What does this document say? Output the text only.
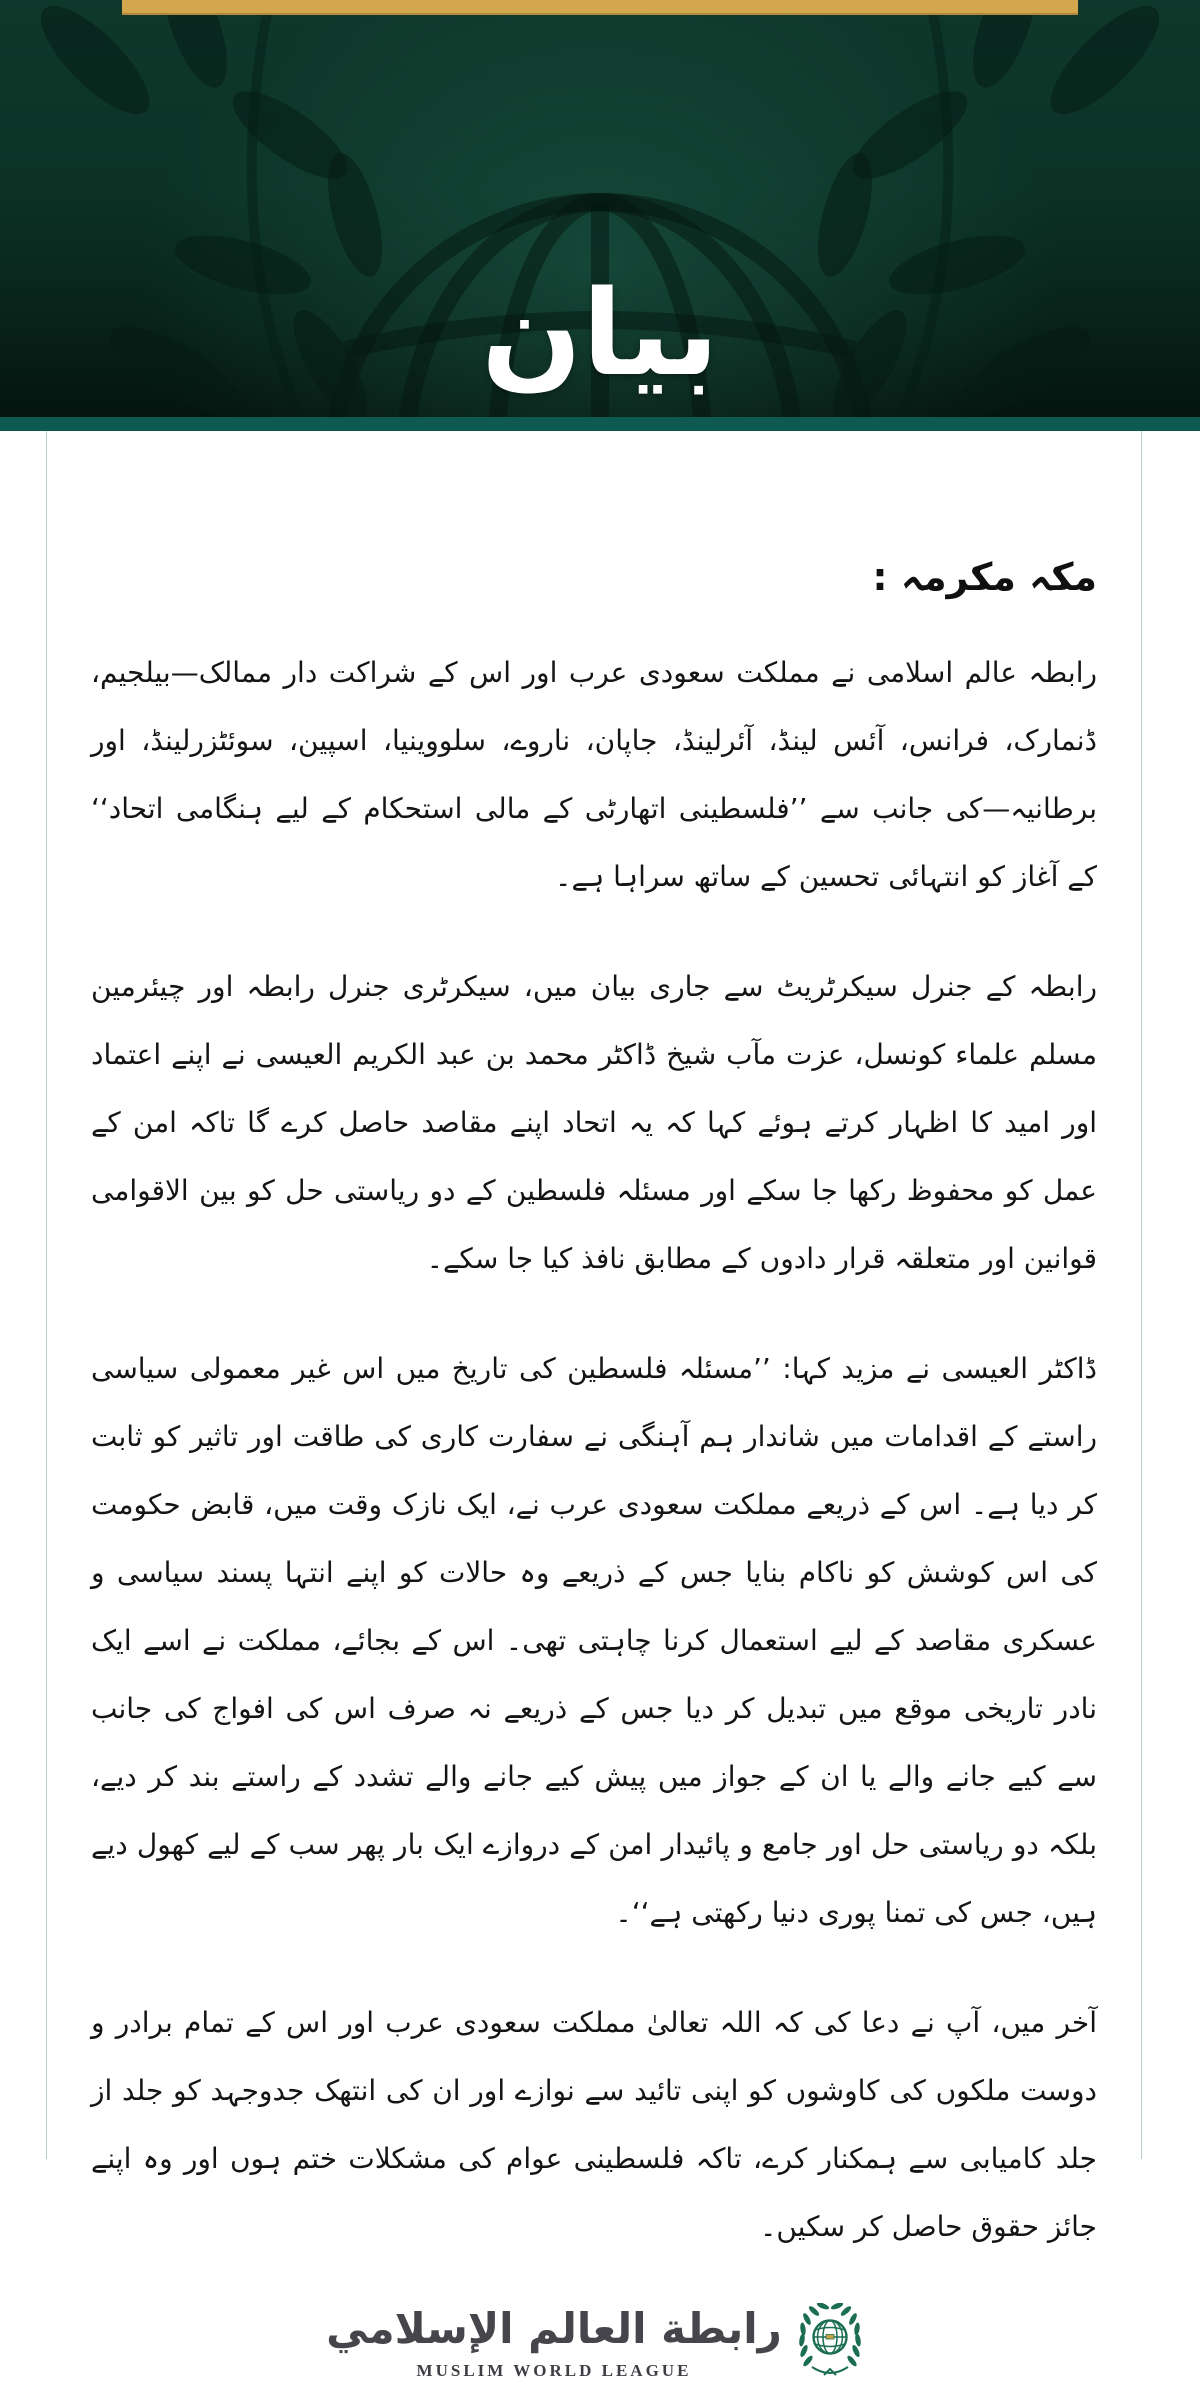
بیان
مکہ مکرمہ :

رابطہ عالم اسلامی نے مملکت سعودی عرب اور اس کے شراکت دار ممالک—بیلجیم، ڈنمارک، فرانس، آئس لینڈ، آئرلینڈ، جاپان، ناروے، سلووینیا، اسپین، سوئٹزرلینڈ، اور برطانیہ—کی جانب سے ’’فلسطینی اتھارٹی کے مالی استحکام کے لیے ہنگامی اتحاد‘‘ کے آغاز کو انتہائی تحسین کے ساتھ سراہا ہے۔

رابطہ کے جنرل سیکرٹریٹ سے جاری بیان میں، سیکرٹری جنرل رابطہ اور چیئرمین مسلم علماء کونسل، عزت مآب شیخ ڈاکٹر محمد بن عبد الکریم العیسی نے اپنے اعتماد اور امید کا اظہار کرتے ہوئے کہا کہ یہ اتحاد اپنے مقاصد حاصل کرے گا تاکہ امن کے عمل کو محفوظ رکھا جا سکے اور مسئلہ فلسطین کے دو ریاستی حل کو بین الاقوامی قوانین اور متعلقہ قرار دادوں کے مطابق نافذ کیا جا سکے۔

ڈاکٹر العیسی نے مزید کہا: ’’مسئلہ فلسطین کی تاریخ میں اس غیر معمولی سیاسی راستے کے اقدامات میں شاندار ہم آہنگی نے سفارت کاری کی طاقت اور تاثیر کو ثابت کر دیا ہے۔ اس کے ذریعے مملکت سعودی عرب نے، ایک نازک وقت میں، قابض حکومت کی اس کوشش کو ناکام بنایا جس کے ذریعے وہ حالات کو اپنے انتہا پسند سیاسی و عسکری مقاصد کے لیے استعمال کرنا چاہتی تھی۔ اس کے بجائے، مملکت نے اسے ایک نادر تاریخی موقع میں تبدیل کر دیا جس کے ذریعے نہ صرف اس کی افواج کی جانب سے کیے جانے والے یا ان کے جواز میں پیش کیے جانے والے تشدد کے راستے بند کر دیے، بلکہ دو ریاستی حل اور جامع و پائیدار امن کے دروازے ایک بار پھر سب کے لیے کھول دیے ہیں، جس کی تمنا پوری دنیا رکھتی ہے‘‘۔

آخر میں، آپ نے دعا کی کہ اللہ تعالیٰ مملکت سعودی عرب اور اس کے تمام برادر و دوست ملکوں کی کاوشوں کو اپنی تائید سے نوازے اور ان کی انتھک جدوجہد کو جلد از جلد کامیابی سے ہمکنار کرے، تاکہ فلسطینی عوام کی مشکلات ختم ہوں اور وہ اپنے جائز حقوق حاصل کر سکیں۔

رابطة العالم الإسلامي
MUSLIM WORLD LEAGUE
